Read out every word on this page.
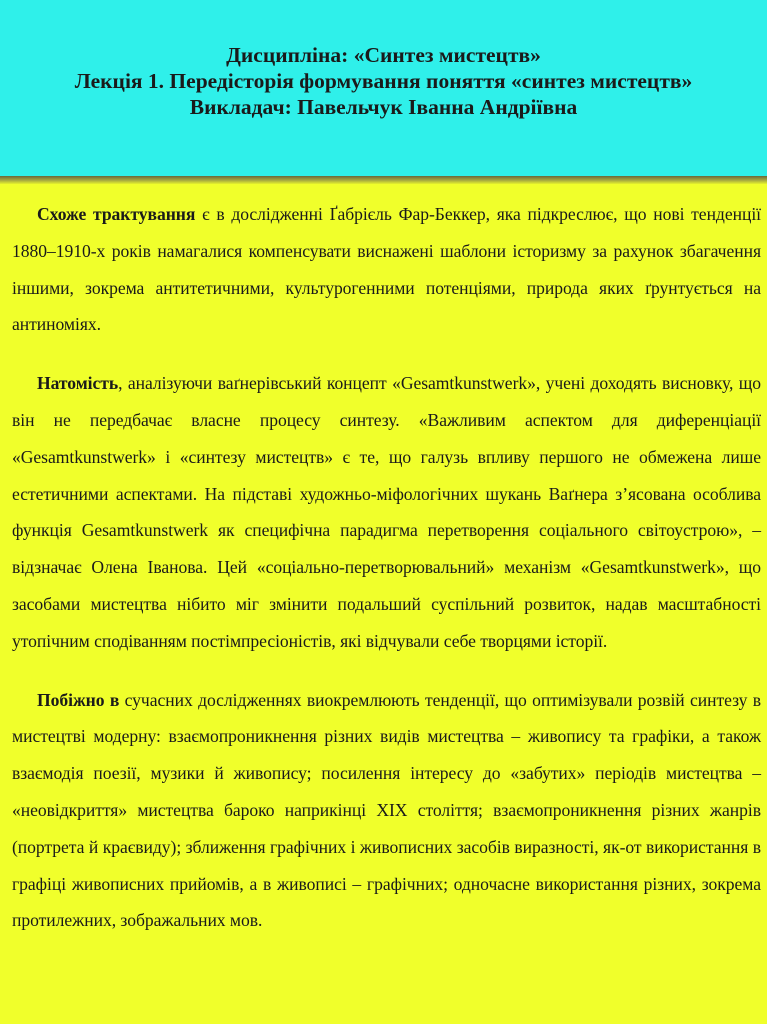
Дисципліна: «Синтез мистецтв»
Лекція 1. Передісторія формування поняття «синтез мистецтв»
Викладач: Павельчук Іванна Андріївна

Схоже трактування є в дослідженні Ґабрієль Фар-Беккер, яка підкреслює, що нові тенденції 1880–1910-х років намагалися компенсувати виснажені шаблони історизму за рахунок збагачення іншими, зокрема антитетичними, культурогенними потенціями, природа яких ґрунтується на антиноміях.

Натомість, аналізуючи ваґнерівський концепт «Gesamtkunstwerk», учені доходять висновку, що він не передбачає власне процесу синтезу. «Важливим аспектом для диференціації «Gesamtkunstwerk» і «синтезу мистецтв» є те, що галузь впливу першого не обмежена лише естетичними аспектами. На підставі художньо-міфологічних шукань Ваґнера з’ясована особлива функція Gesamtkunstwerk як специфічна парадигма перетворення соціального світоустрою», – відзначає Олена Іванова. Цей «соціально-перетворювальний» механізм «Gesamtkunstwerk», що засобами мистецтва нібито міг змінити подальший суспільний розвиток, надав масштабності утопічним сподіванням постімпресіоністів, які відчували себе творцями історії.

Побіжно в сучасних дослідженнях виокремлюють тенденції, що оптимізували розвій синтезу в мистецтві модерну: взаємопроникнення різних видів мистецтва – живопису та графіки, а також взаємодія поезії, музики й живопису; посилення інтересу до «забутих» періодів мистецтва – «неовідкриття» мистецтва бароко наприкінці XIX століття; взаємопроникнення різних жанрів (портрета й краєвиду); зближення графічних і живописних засобів виразності, як-от використання в графіці живописних прийомів, а в живописі – графічних; одночасне використання різних, зокрема протилежних, зображальних мов.
